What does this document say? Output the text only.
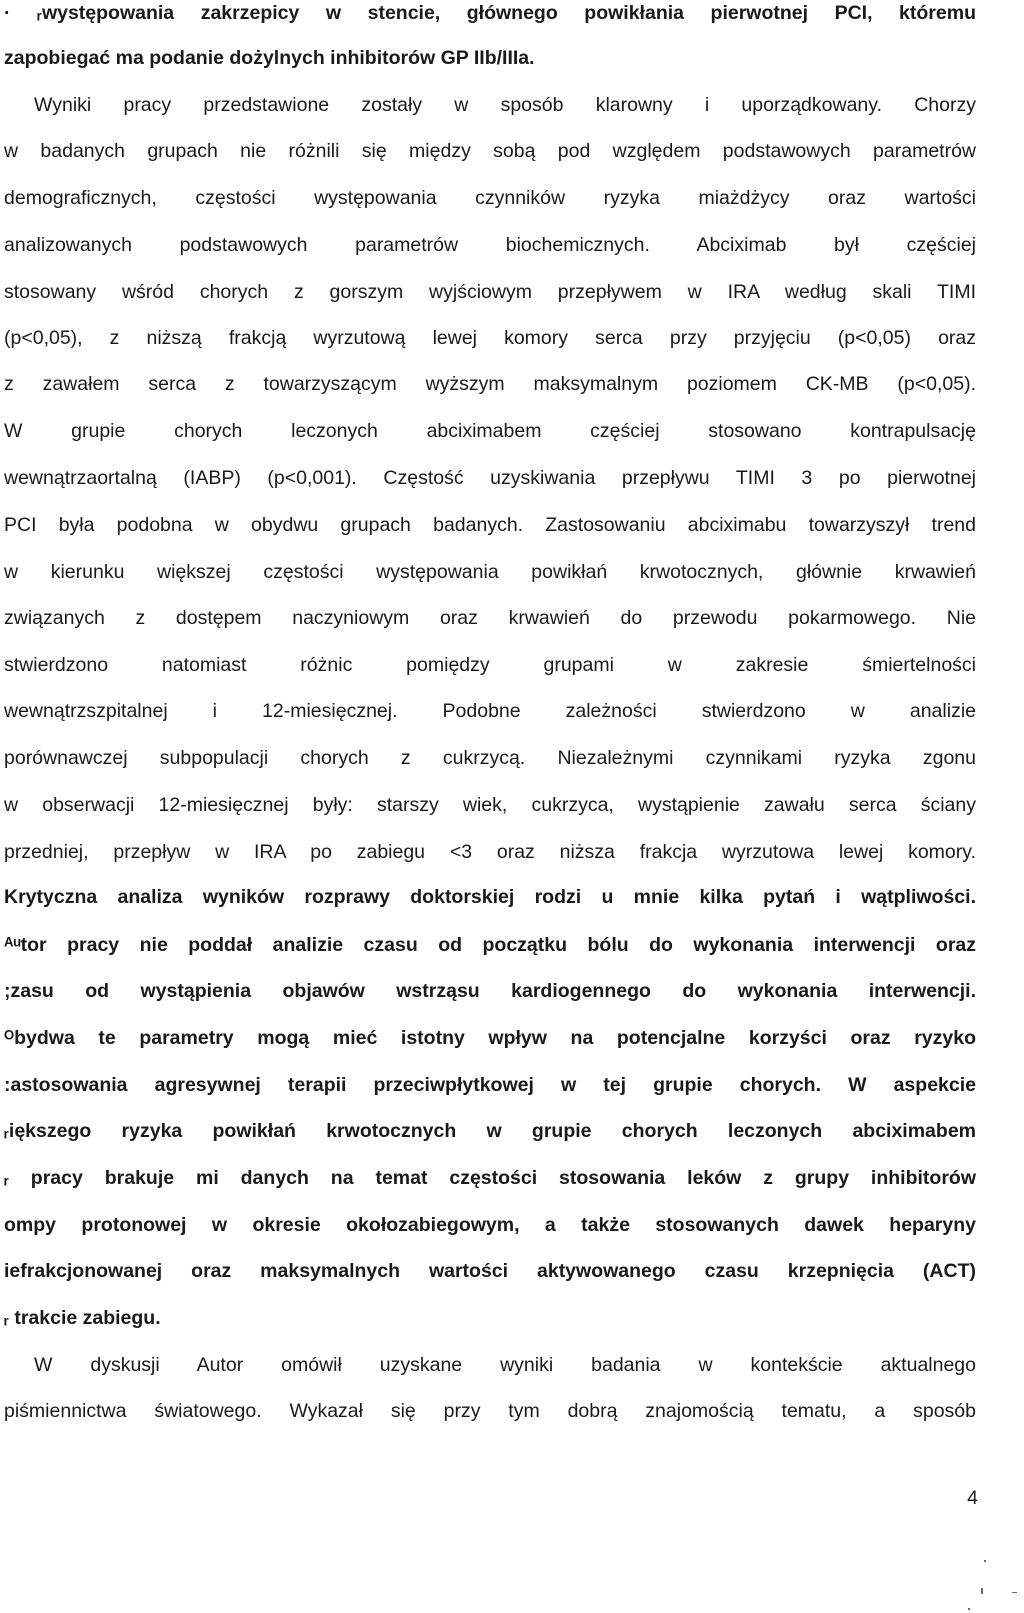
· ᵣwystępowania zakrzepicy w stencie, głównego powikłania pierwotnej PCI, któremu
zapobiegać ma podanie dożylnych inhibitorów GP IIb/IIIa.
Wyniki pracy przedstawione zostały w sposób klarowny i uporządkowany. Chorzy
w badanych grupach nie różnili się między sobą pod względem podstawowych parametrów
demograficznych, częstości występowania czynników ryzyka miażdżycy oraz wartości
analizowanych podstawowych parametrów biochemicznych. Abciximab był częściej
stosowany wśród chorych z gorszym wyjściowym przepływem w IRA według skali TIMI
(p<0,05), z niższą frakcją wyrzutową lewej komory serca przy przyjęciu (p<0,05) oraz
z zawałem serca z towarzyszącym wyższym maksymalnym poziomem CK-MB (p<0,05).
W grupie chorych leczonych abciximabem częściej stosowano kontrapulsację
wewnątrzaortalną (IABP) (p<0,001). Częstość uzyskiwania przepływu TIMI 3 po pierwotnej
PCI była podobna w obydwu grupach badanych. Zastosowaniu abciximabu towarzyszył trend
w kierunku większej częstości występowania powikłań krwotocznych, głównie krwawień
związanych z dostępem naczyniowym oraz krwawień do przewodu pokarmowego. Nie
stwierdzono natomiast różnic pomiędzy grupami w zakresie śmiertelności
wewnątrzszpitalnej i 12-miesięcznej. Podobne zależności stwierdzono w analizie
porównawczej subpopulacji chorych z cukrzycą. Niezależnymi czynnikami ryzyka zgonu
w obserwacji 12-miesięcznej były: starszy wiek, cukrzyca, wystąpienie zawału serca ściany
przedniej, przepływ w IRA po zabiegu <3 oraz niższa frakcja wyrzutowa lewej komory.
Krytyczna analiza wyników rozprawy doktorskiej rodzi u mnie kilka pytań i wątpliwości.
ᴬᵘtor pracy nie poddał analizie czasu od początku bólu do wykonania interwencji oraz
;zasu od wystąpienia objawów wstrząsu kardiogennego do wykonania interwencji.
ᴼbydwa te parametry mogą mieć istotny wpływ na potencjalne korzyści oraz ryzyko
:astosowania agresywnej terapii przeciwpłytkowej w tej grupie chorych. W aspekcie
ᵣiększego ryzyka powikłań krwotocznych w grupie chorych leczonych abciximabem
ᵣ pracy brakuje mi danych na temat częstości stosowania leków z grupy inhibitorów
ompy protonowej w okresie okołozabiegowym, a także stosowanych dawek heparyny
iefrakcjonowanej oraz maksymalnych wartości aktywowanego czasu krzepnięcia (ACT)
ᵣ trakcie zabiegu.
W dyskusji Autor omówił uzyskane wyniki badania w kontekście aktualnego
piśmiennictwa światowego. Wykazał się przy tym dobrą znajomością tematu, a sposób
4
